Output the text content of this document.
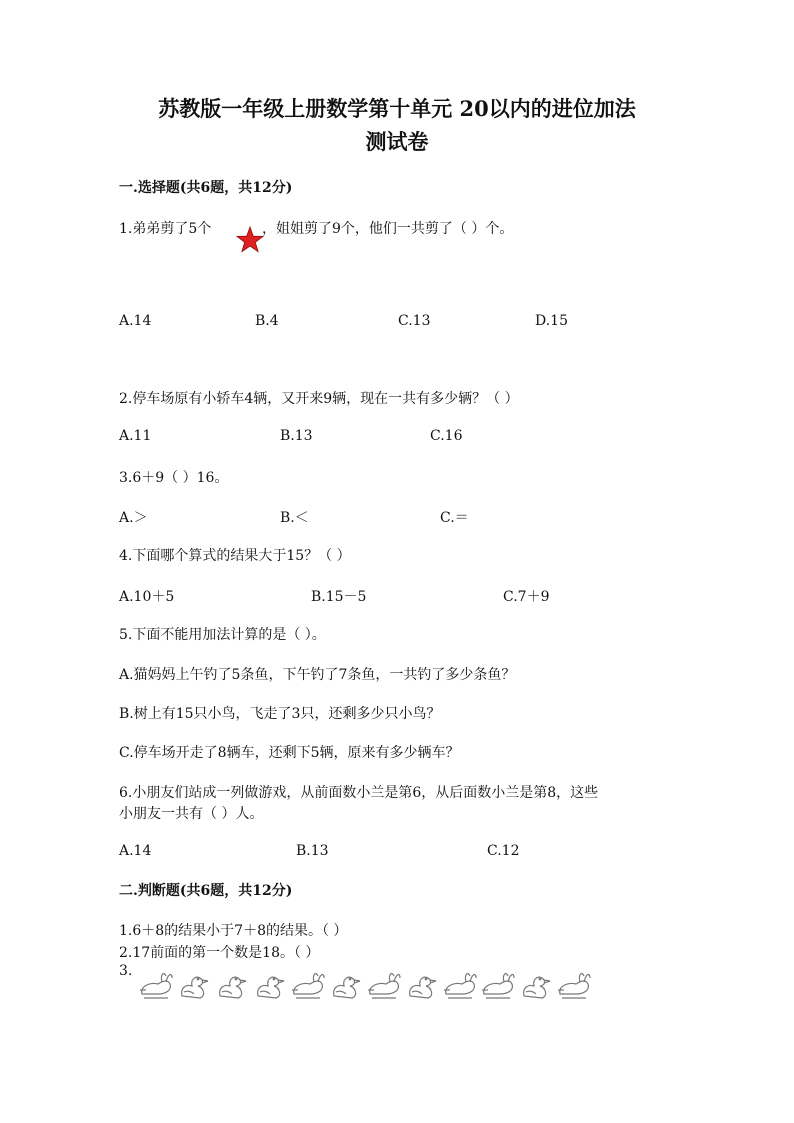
苏教版一年级上册数学第十单元 20以内的进位加法
测试卷
一.选择题(共6题，共12分)
1.弟弟剪了5个	，姐姐剪了9个，他们一共剪了（ ）个。
A.14	B.4	C.13	D.15
2.停车场原有小轿车4辆，又开来9辆，现在一共有多少辆？（ ）
A.11	B.13	C.16
3.6＋9（ ）16。
A.＞	B.＜	C.＝
4.下面哪个算式的结果大于15？（ ）
A.10＋5	B.15－5	C.7＋9
5.下面不能用加法计算的是（ ）。
A.猫妈妈上午钓了5条鱼，下午钓了7条鱼，一共钓了多少条鱼？
B.树上有15只小鸟，飞走了3只，还剩多少只小鸟？
C.停车场开走了8辆车，还剩下5辆，原来有多少辆车？
6.小朋友们站成一列做游戏，从前面数小兰是第6，从后面数小兰是第8，这些
小朋友一共有（ ）人。
A.14	B.13	C.12
二.判断题(共6题，共12分)
1.6＋8的结果小于7＋8的结果。（ ）
2.17前面的第一个数是18。（ ）
3.
